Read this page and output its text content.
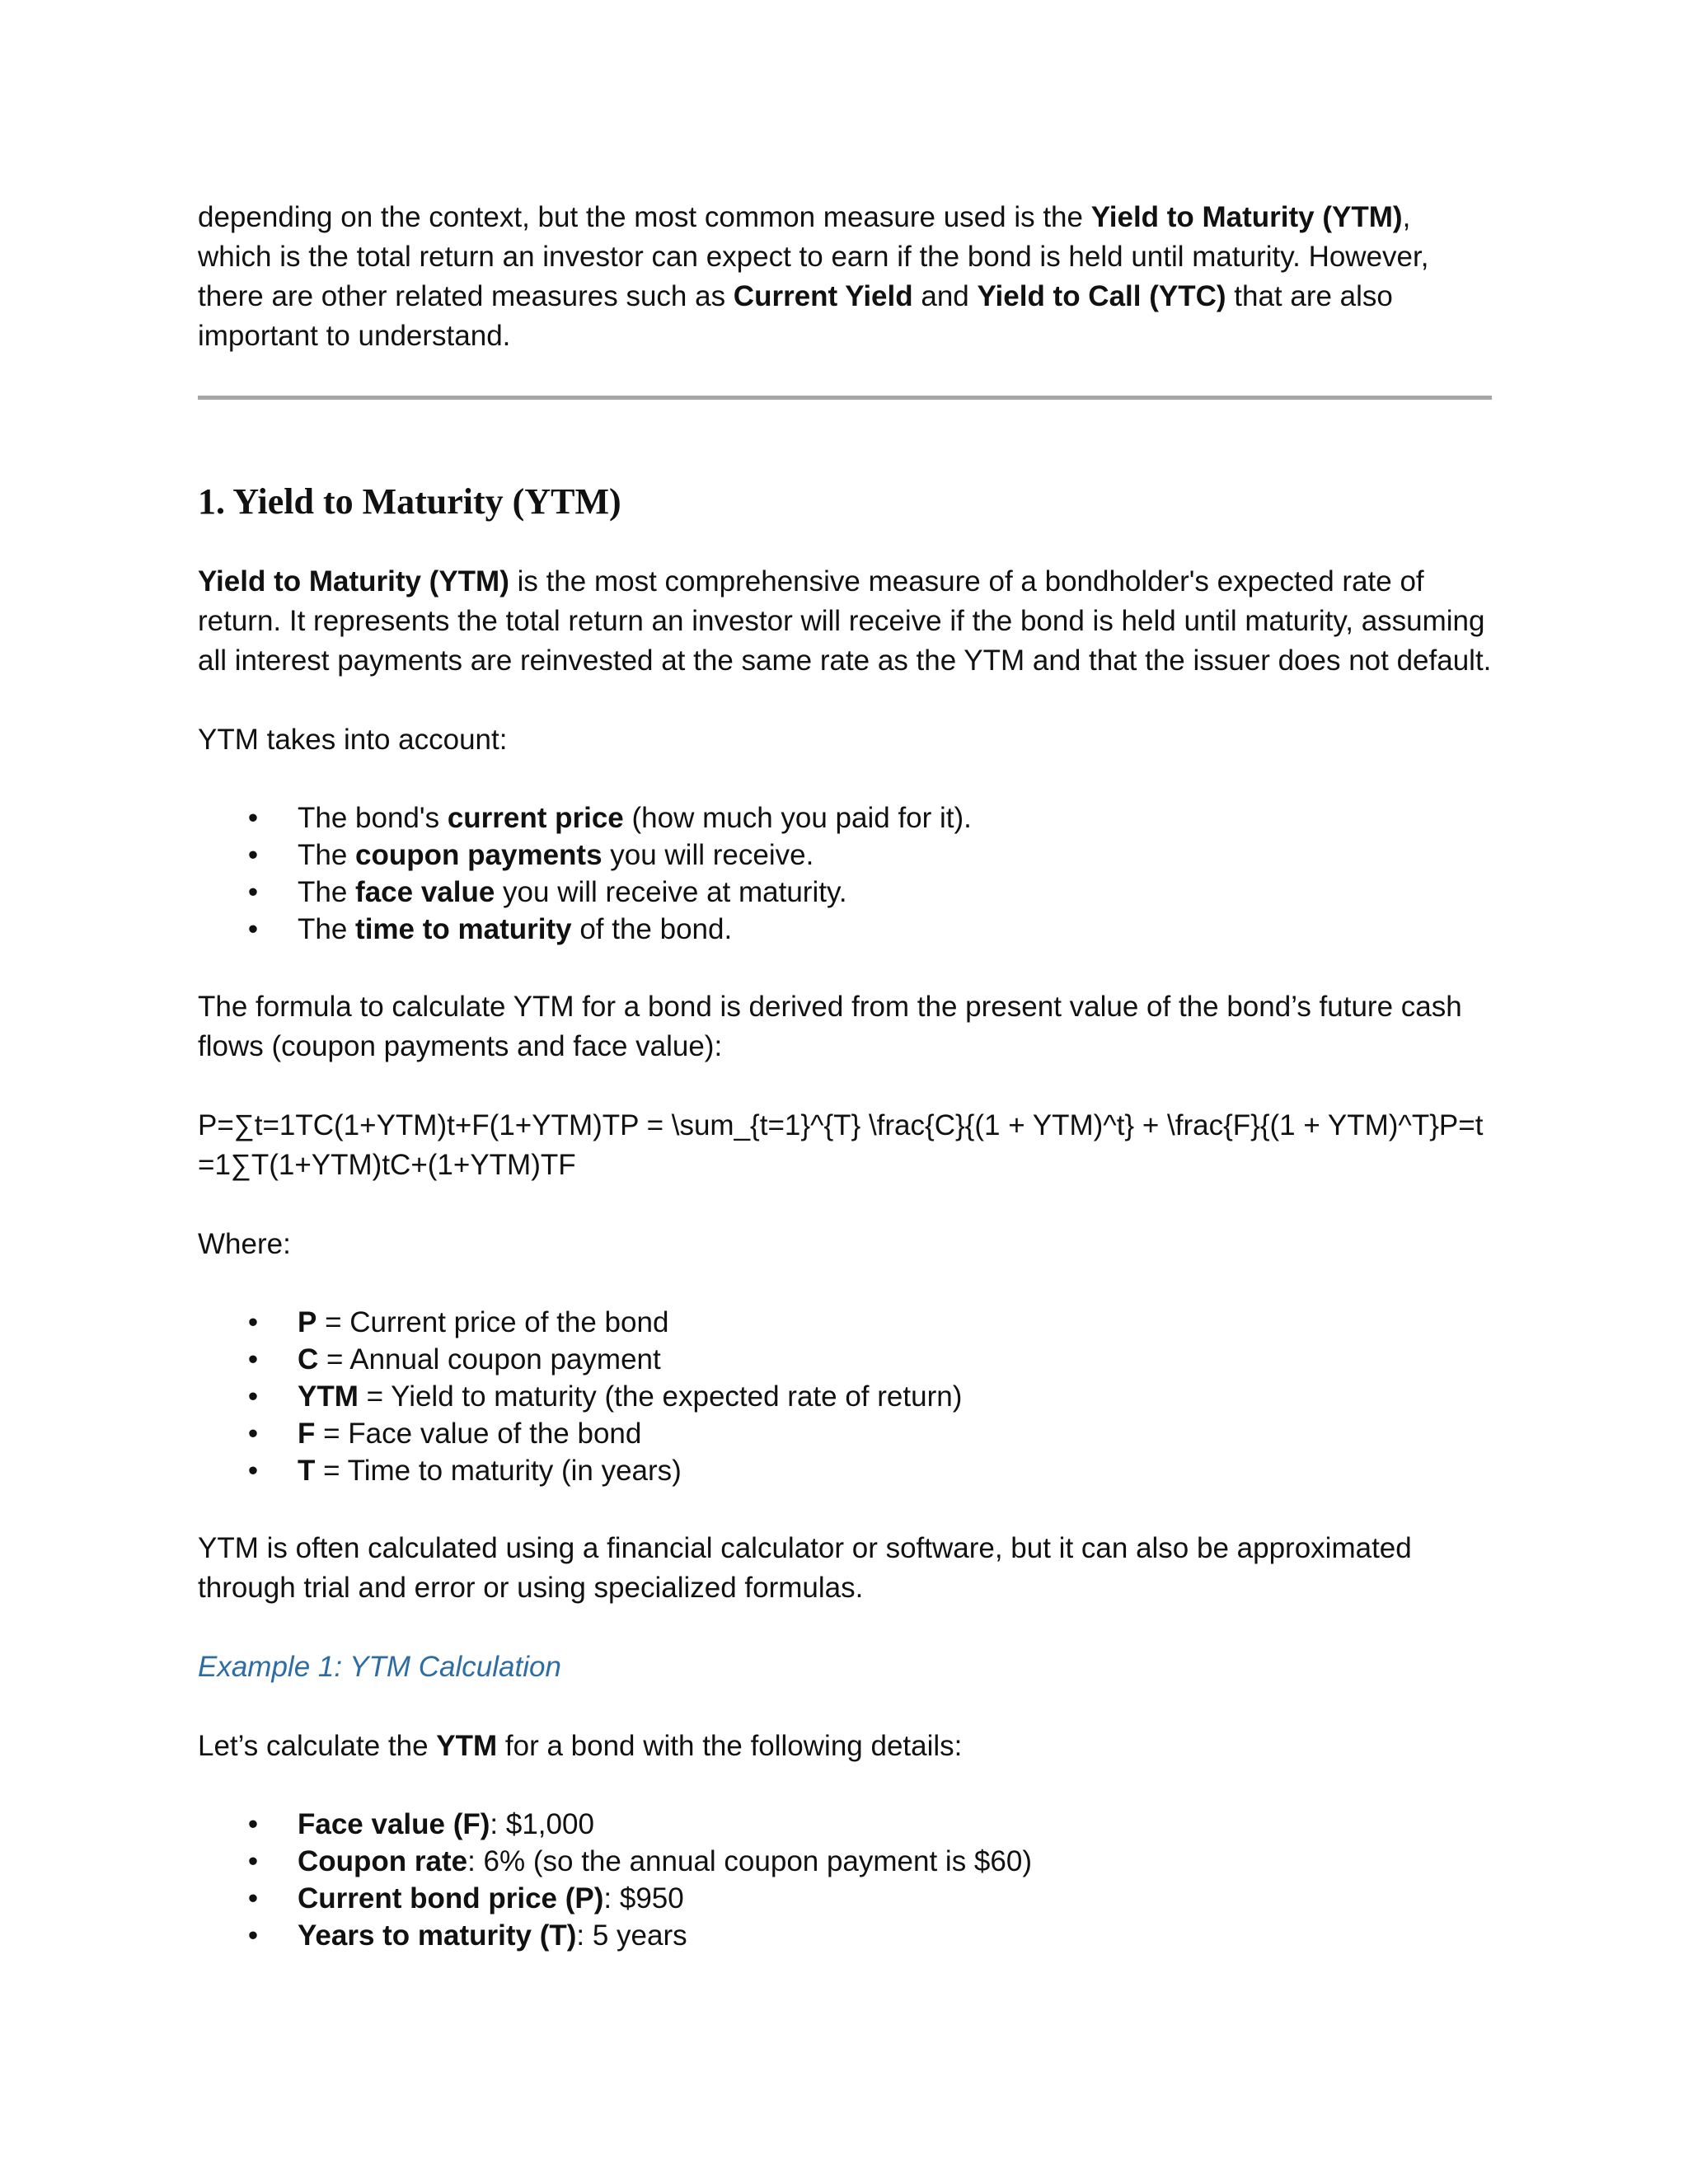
depending on the context, but the most common measure used is the Yield to Maturity (YTM), which is the total return an investor can expect to earn if the bond is held until maturity. However, there are other related measures such as Current Yield and Yield to Call (YTC) that are also important to understand.

1. Yield to Maturity (YTM)

Yield to Maturity (YTM) is the most comprehensive measure of a bondholder's expected rate of return. It represents the total return an investor will receive if the bond is held until maturity, assuming all interest payments are reinvested at the same rate as the YTM and that the issuer does not default.

YTM takes into account:

• The bond's current price (how much you paid for it).
• The coupon payments you will receive.
• The face value you will receive at maturity.
• The time to maturity of the bond.

The formula to calculate YTM for a bond is derived from the present value of the bond’s future cash flows (coupon payments and face value):

P=∑t=1TC(1+YTM)t+F(1+YTM)TP = \sum_{t=1}^{T} \frac{C}{(1 + YTM)^t} + \frac{F}{(1 + YTM)^T}P=t=1∑T(1+YTM)tC+(1+YTM)TF

Where:

• P = Current price of the bond
• C = Annual coupon payment
• YTM = Yield to maturity (the expected rate of return)
• F = Face value of the bond
• T = Time to maturity (in years)

YTM is often calculated using a financial calculator or software, but it can also be approximated through trial and error or using specialized formulas.

Example 1: YTM Calculation

Let’s calculate the YTM for a bond with the following details:

• Face value (F): $1,000
• Coupon rate: 6% (so the annual coupon payment is $60)
• Current bond price (P): $950
• Years to maturity (T): 5 years
